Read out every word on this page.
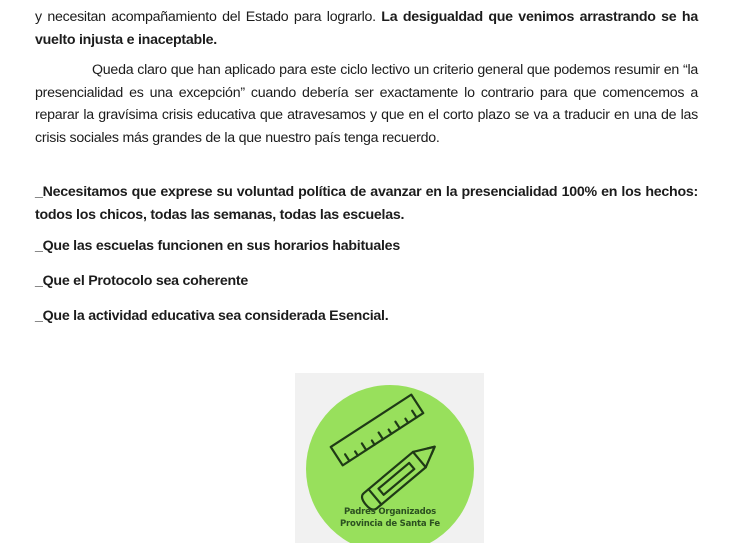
y necesitan acompañamiento del Estado para lograrlo. La desigualdad que venimos arrastrando se ha vuelto injusta e inaceptable.

Queda claro que han aplicado para este ciclo lectivo un criterio general que podemos resumir en “la presencialidad es una excepción” cuando debería ser exactamente lo contrario para que comencemos a reparar la gravísima crisis educativa que atravesamos y que en el corto plazo se va a traducir en una de las crisis sociales más grandes de la que nuestro país tenga recuerdo.

_Necesitamos que exprese su voluntad política de avanzar en la presencialidad 100% en los hechos: todos los chicos, todas las semanas, todas las escuelas.

_Que las escuelas funcionen en sus horarios habituales

_Que el Protocolo sea coherente

_Que la actividad educativa sea considerada Esencial.

Padres Organizados
Provincia de Santa Fe
